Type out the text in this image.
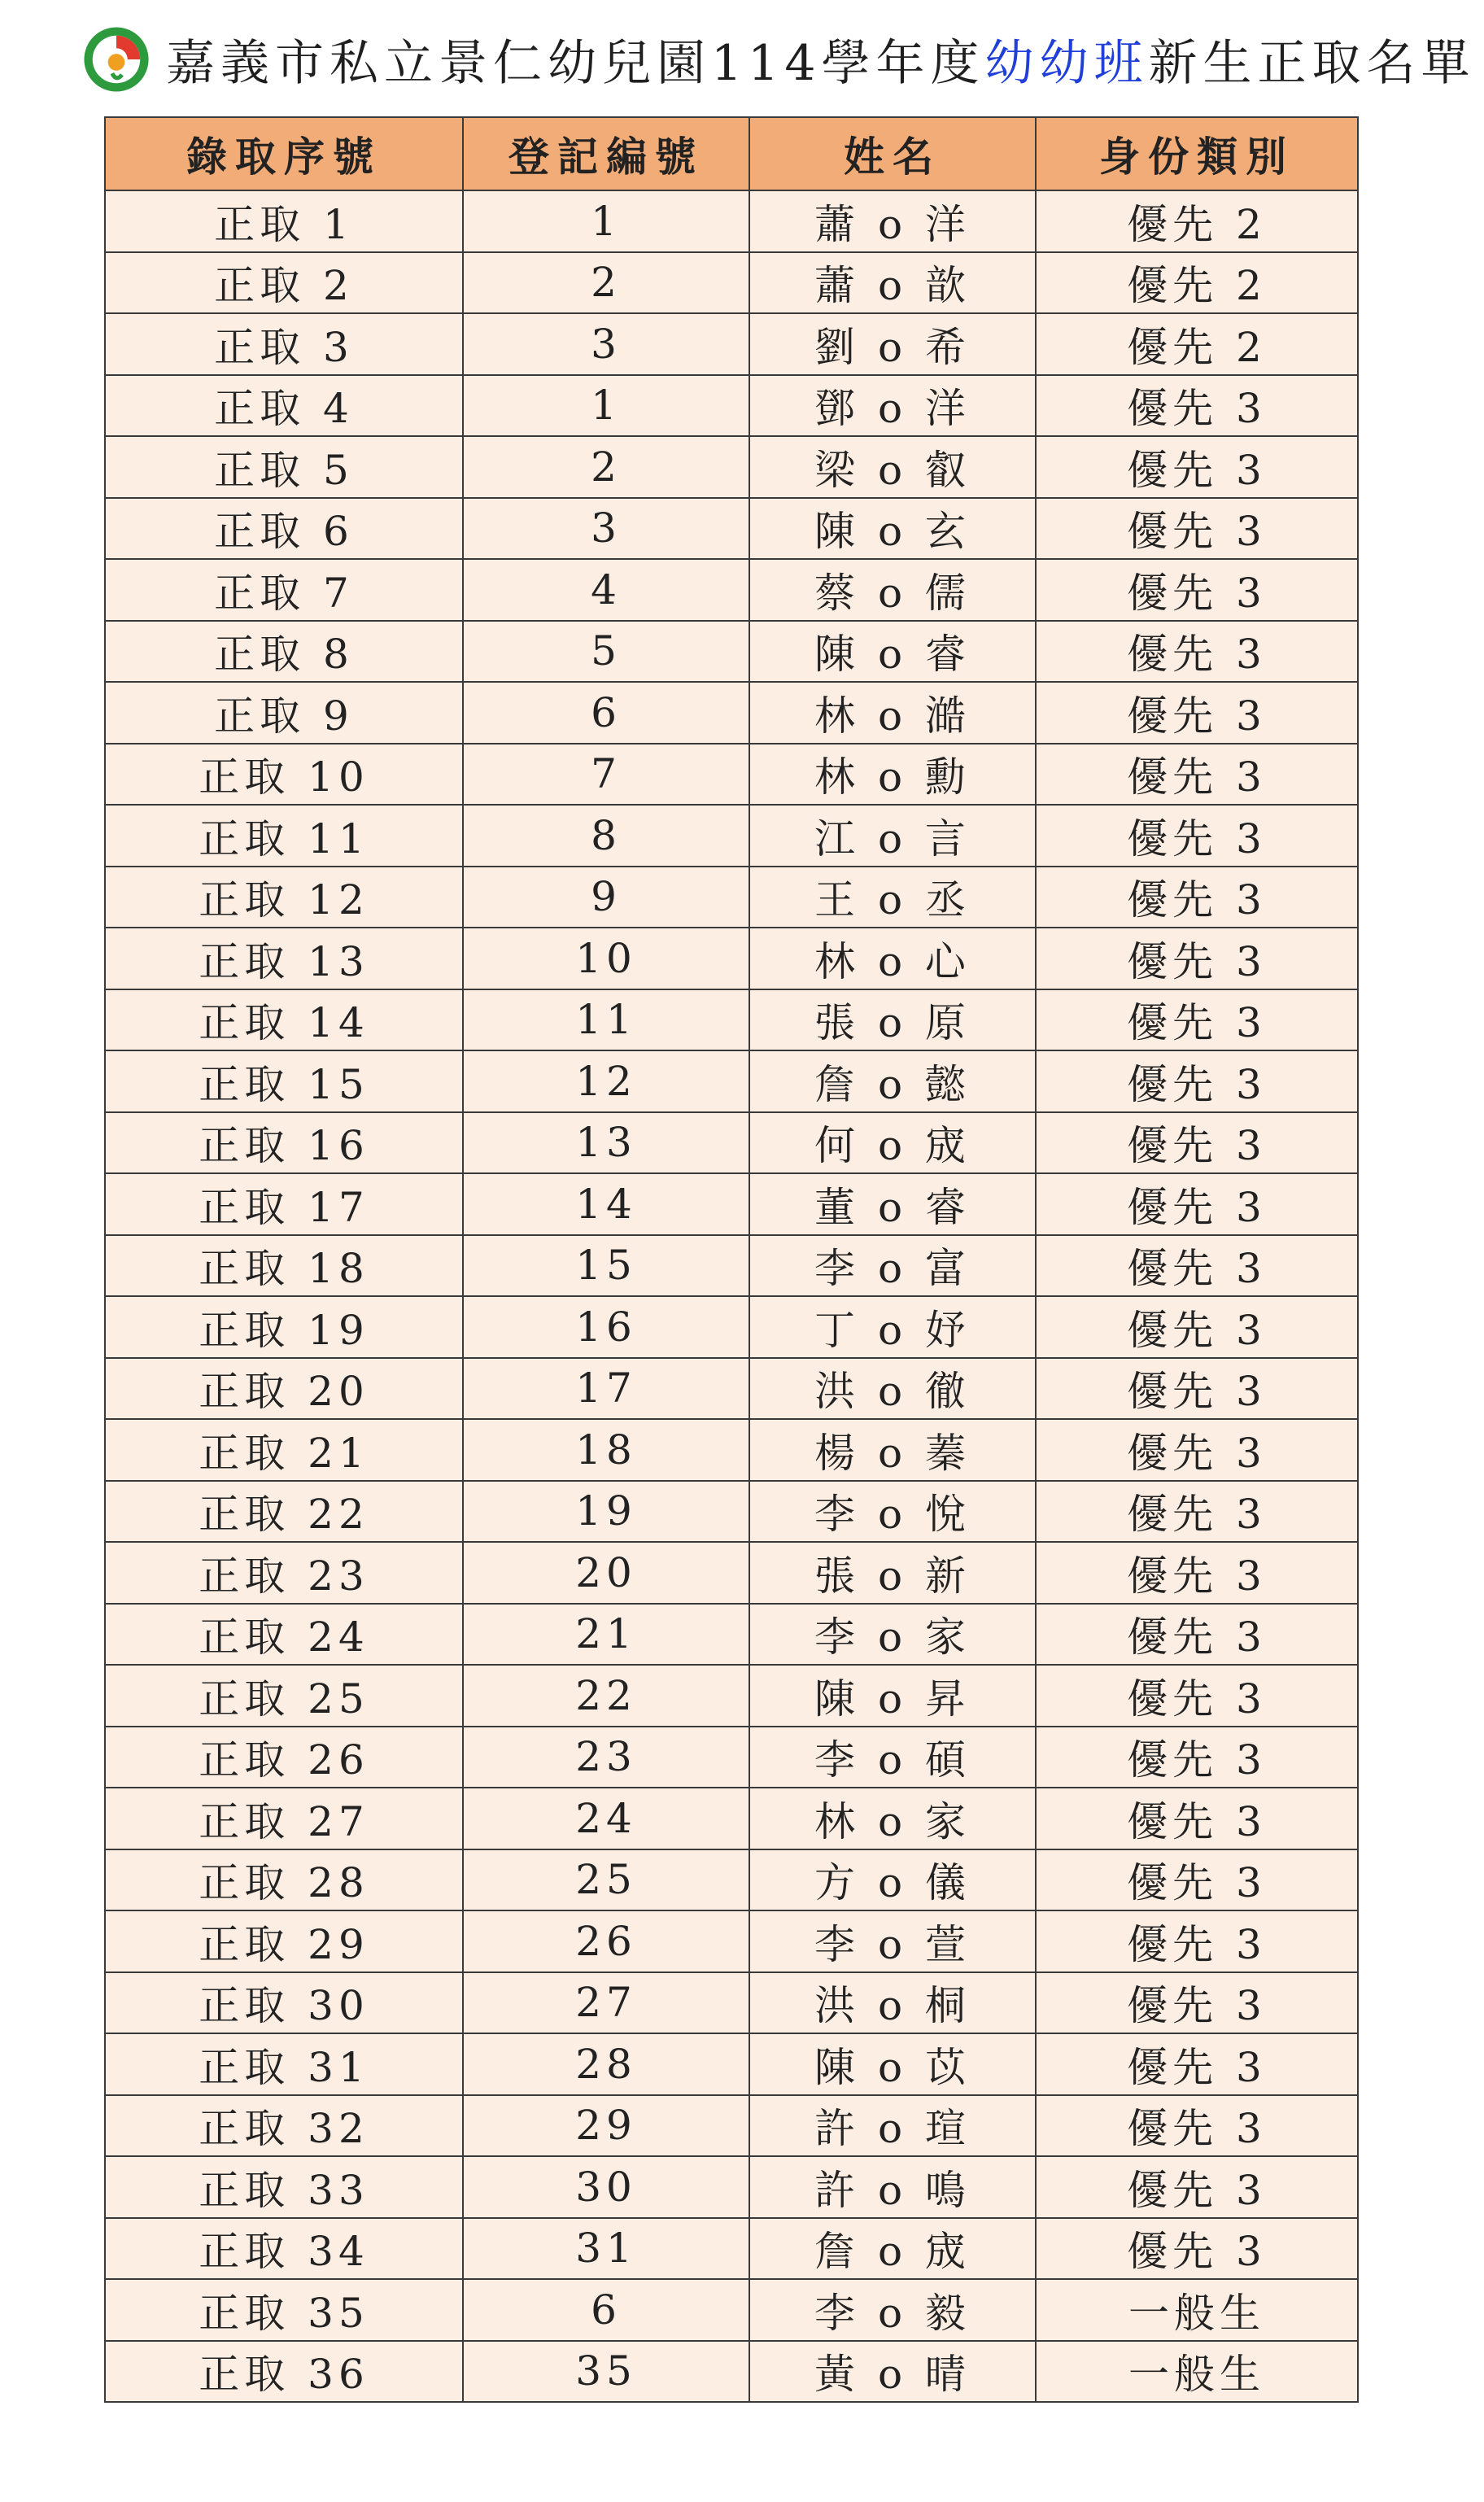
嘉義市私立景仁幼兒園114學年度幼幼班新生正取名單
錄取序號	登記編號	姓名	身份類別
正取 1	1	蕭 o 洋	優先 2
正取 2	2	蕭 o 歆	優先 2
正取 3	3	劉 o 希	優先 2
正取 4	1	鄧 o 洋	優先 3
正取 5	2	梁 o 叡	優先 3
正取 6	3	陳 o 玄	優先 3
正取 7	4	蔡 o 儒	優先 3
正取 8	5	陳 o 睿	優先 3
正取 9	6	林 o 澔	優先 3
正取 10	7	林 o 勳	優先 3
正取 11	8	江 o 言	優先 3
正取 12	9	王 o 丞	優先 3
正取 13	10	林 o 心	優先 3
正取 14	11	張 o 原	優先 3
正取 15	12	詹 o 懿	優先 3
正取 16	13	何 o 宬	優先 3
正取 17	14	董 o 睿	優先 3
正取 18	15	李 o 富	優先 3
正取 19	16	丁 o 妤	優先 3
正取 20	17	洪 o 徹	優先 3
正取 21	18	楊 o 蓁	優先 3
正取 22	19	李 o 悅	優先 3
正取 23	20	張 o 新	優先 3
正取 24	21	李 o 家	優先 3
正取 25	22	陳 o 昇	優先 3
正取 26	23	李 o 碩	優先 3
正取 27	24	林 o 家	優先 3
正取 28	25	方 o 儀	優先 3
正取 29	26	李 o 萱	優先 3
正取 30	27	洪 o 桐	優先 3
正取 31	28	陳 o 苡	優先 3
正取 32	29	許 o 瑄	優先 3
正取 33	30	許 o 鳴	優先 3
正取 34	31	詹 o 宬	優先 3
正取 35	6	李 o 毅	一般生
正取 36	35	黃 o 晴	一般生
